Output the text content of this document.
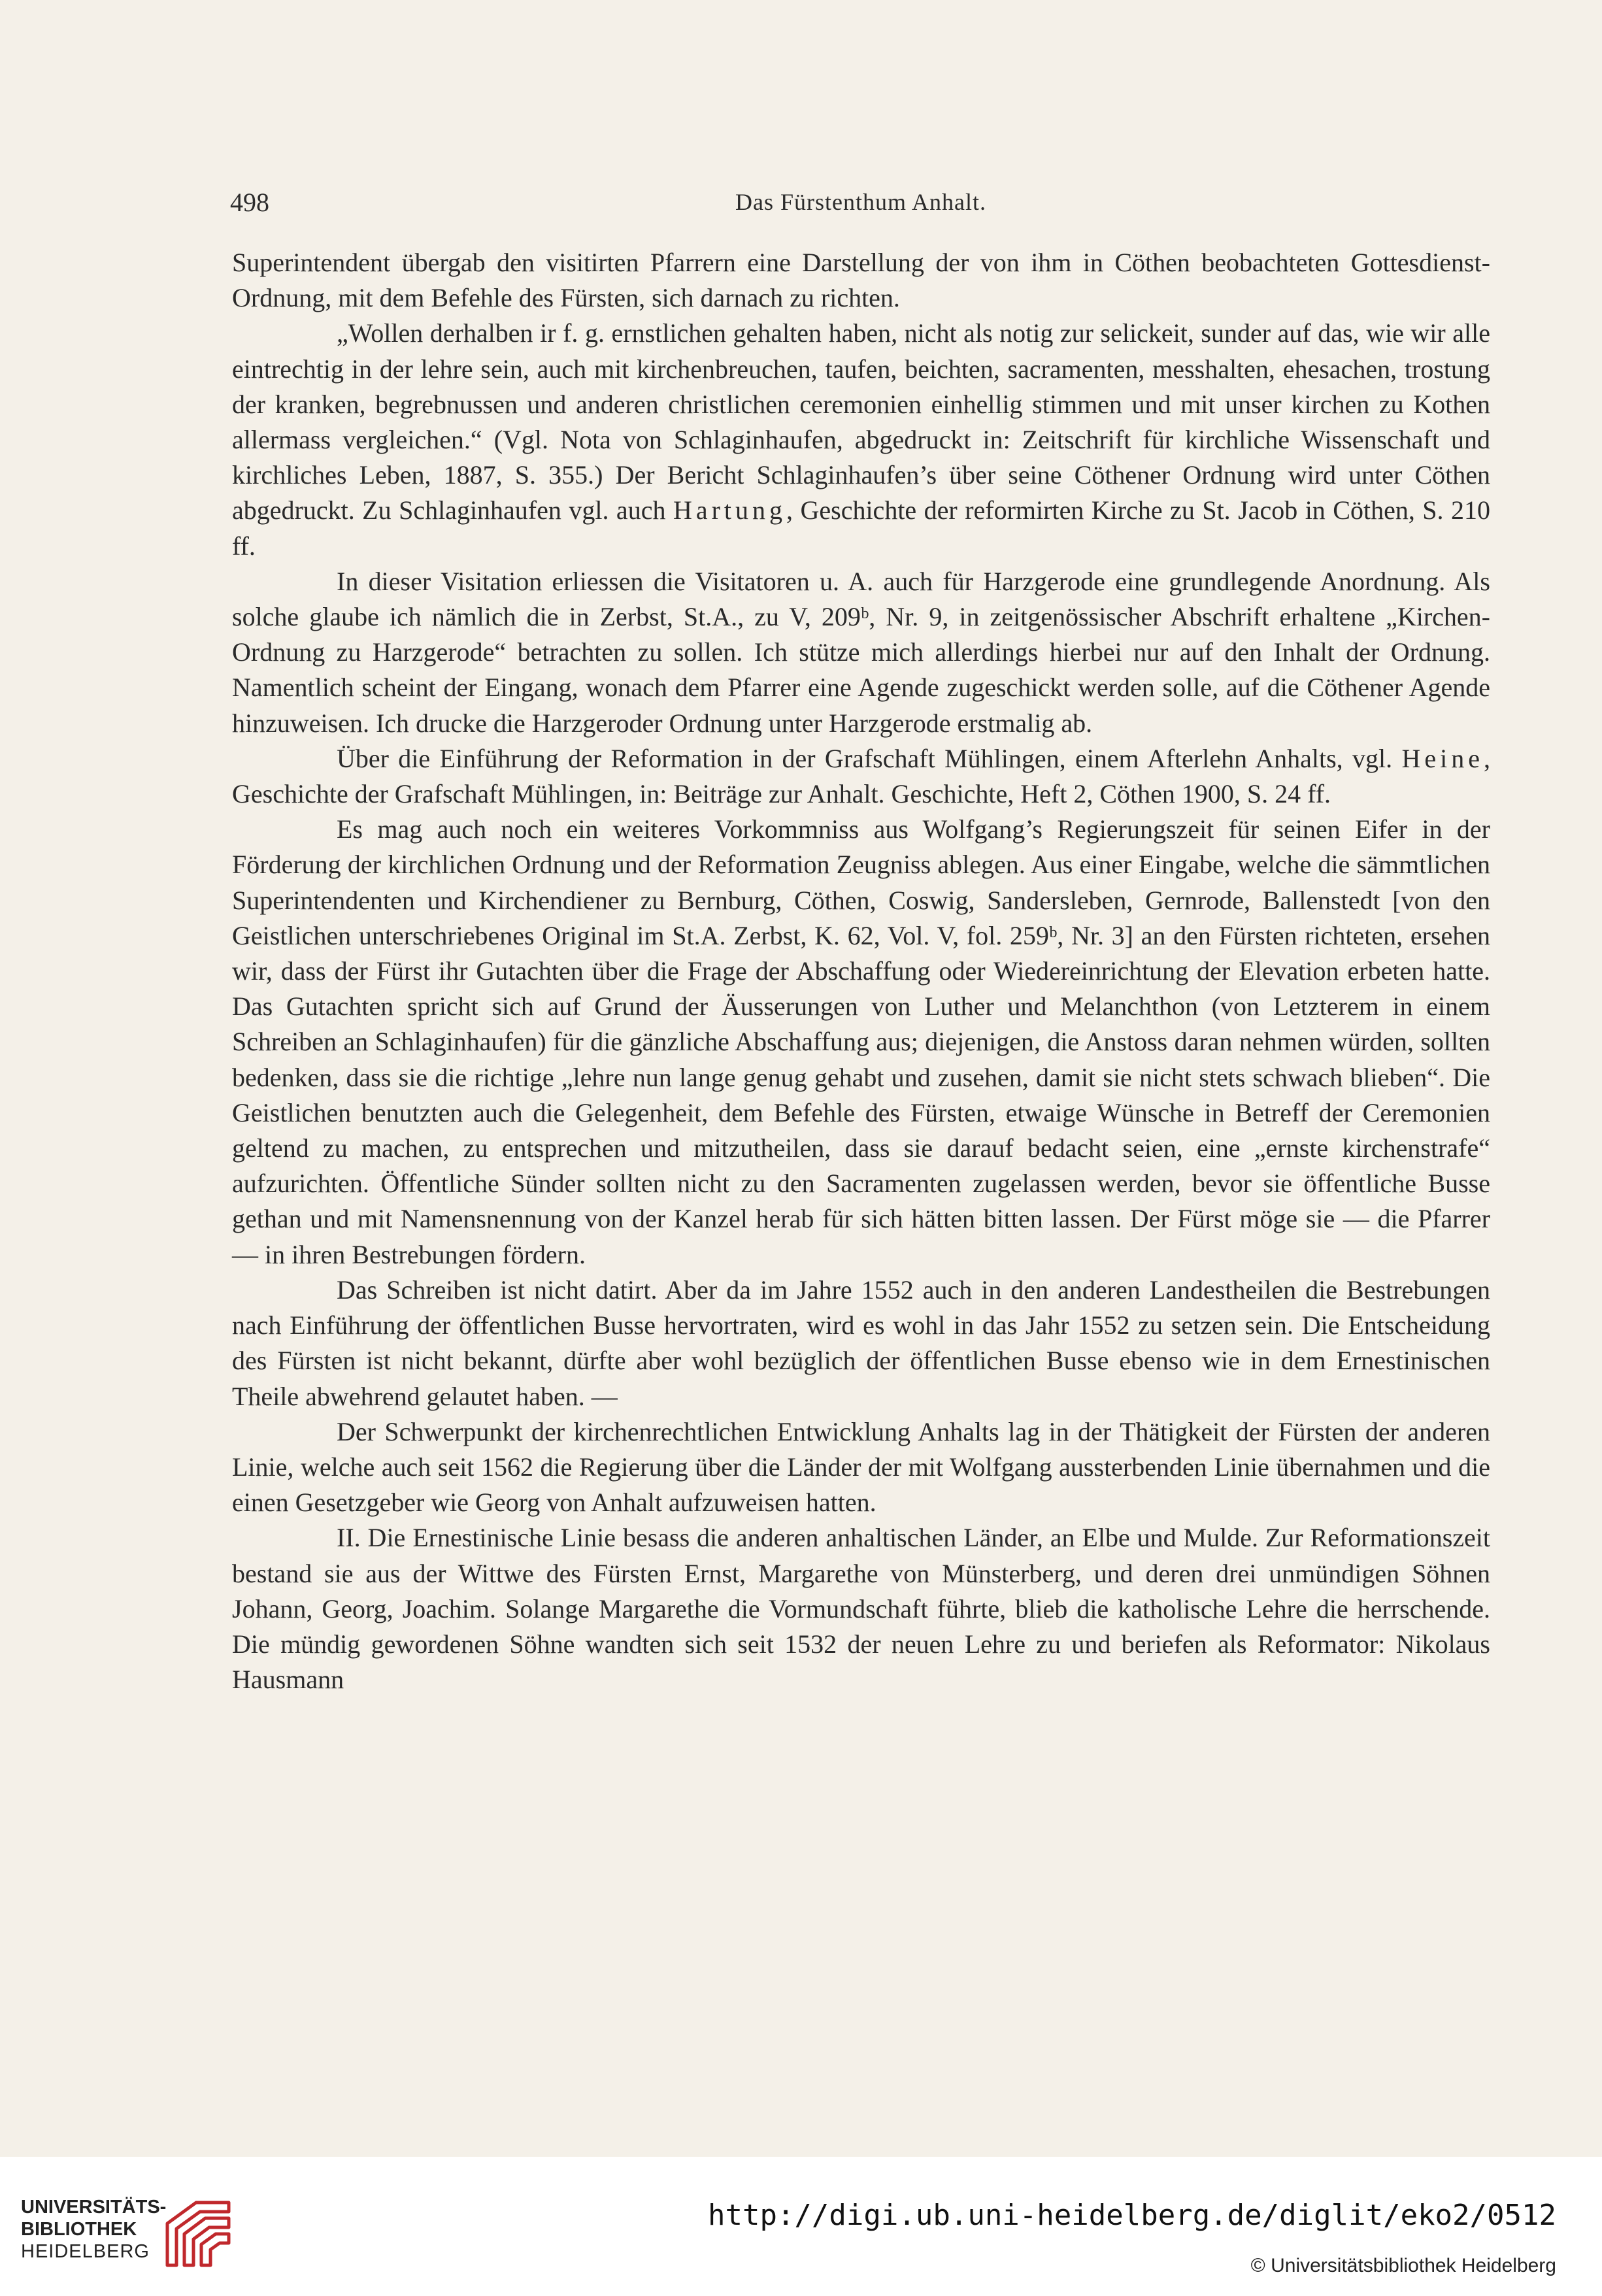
498	Das Fürstenthum Anhalt.

Superintendent übergab den visitirten Pfarrern eine Darstellung der von ihm in Cöthen beobachteten Gottesdienst-Ordnung, mit dem Befehle des Fürsten, sich darnach zu richten.

„Wollen derhalben ir f. g. ernstlichen gehalten haben, nicht als notig zur selickeit, sunder auf das, wie wir alle eintrechtig in der lehre sein, auch mit kirchenbreuchen, taufen, beichten, sacramenten, messhalten, ehesachen, trostung der kranken, begrebnussen und anderen christlichen ceremonien einhellig stimmen und mit unser kirchen zu Kothen allermass vergleichen.“ (Vgl. Nota von Schlaginhaufen, abgedruckt in: Zeitschrift für kirchliche Wissenschaft und kirchliches Leben, 1887, S. 355.) Der Bericht Schlaginhaufen’s über seine Cöthener Ordnung wird unter Cöthen abgedruckt. Zu Schlaginhaufen vgl. auch Hartung, Geschichte der reformirten Kirche zu St. Jacob in Cöthen, S. 210 ff.

In dieser Visitation erliessen die Visitatoren u. A. auch für Harzgerode eine grundlegende Anordnung. Als solche glaube ich nämlich die in Zerbst, St.A., zu V, 209ᵇ, Nr. 9, in zeitgenössischer Abschrift erhaltene „Kirchen-Ordnung zu Harzgerode“ betrachten zu sollen. Ich stütze mich allerdings hierbei nur auf den Inhalt der Ordnung. Namentlich scheint der Eingang, wonach dem Pfarrer eine Agende zugeschickt werden solle, auf die Cöthener Agende hinzuweisen. Ich drucke die Harzgeroder Ordnung unter Harzgerode erstmalig ab.

Über die Einführung der Reformation in der Grafschaft Mühlingen, einem Afterlehn Anhalts, vgl. Heine, Geschichte der Grafschaft Mühlingen, in: Beiträge zur Anhalt. Geschichte, Heft 2, Cöthen 1900, S. 24 ff.

Es mag auch noch ein weiteres Vorkommniss aus Wolfgang’s Regierungszeit für seinen Eifer in der Förderung der kirchlichen Ordnung und der Reformation Zeugniss ablegen. Aus einer Eingabe, welche die sämmtlichen Superintendenten und Kirchendiener zu Bernburg, Cöthen, Coswig, Sandersleben, Gernrode, Ballenstedt [von den Geistlichen unterschriebenes Original im St.A. Zerbst, K. 62, Vol. V, fol. 259ᵇ, Nr. 3] an den Fürsten richteten, ersehen wir, dass der Fürst ihr Gutachten über die Frage der Abschaffung oder Wiedereinrichtung der Elevation erbeten hatte. Das Gutachten spricht sich auf Grund der Äusserungen von Luther und Melanchthon (von Letzterem in einem Schreiben an Schlaginhaufen) für die gänzliche Abschaffung aus; diejenigen, die Anstoss daran nehmen würden, sollten bedenken, dass sie die richtige „lehre nun lange genug gehabt und zusehen, damit sie nicht stets schwach blieben“. Die Geistlichen benutzten auch die Gelegenheit, dem Befehle des Fürsten, etwaige Wünsche in Betreff der Ceremonien geltend zu machen, zu entsprechen und mitzutheilen, dass sie darauf bedacht seien, eine „ernste kirchenstrafe“ aufzurichten. Öffentliche Sünder sollten nicht zu den Sacramenten zugelassen werden, bevor sie öffentliche Busse gethan und mit Namensnennung von der Kanzel herab für sich hätten bitten lassen. Der Fürst möge sie — die Pfarrer — in ihren Bestrebungen fördern.

Das Schreiben ist nicht datirt. Aber da im Jahre 1552 auch in den anderen Landestheilen die Bestrebungen nach Einführung der öffentlichen Busse hervortraten, wird es wohl in das Jahr 1552 zu setzen sein. Die Entscheidung des Fürsten ist nicht bekannt, dürfte aber wohl bezüglich der öffentlichen Busse ebenso wie in dem Ernestinischen Theile abwehrend gelautet haben. —

Der Schwerpunkt der kirchenrechtlichen Entwicklung Anhalts lag in der Thätigkeit der Fürsten der anderen Linie, welche auch seit 1562 die Regierung über die Länder der mit Wolfgang aussterbenden Linie übernahmen und die einen Gesetzgeber wie Georg von Anhalt aufzuweisen hatten.

II. Die Ernestinische Linie besass die anderen anhaltischen Länder, an Elbe und Mulde. Zur Reformationszeit bestand sie aus der Wittwe des Fürsten Ernst, Margarethe von Münsterberg, und deren drei unmündigen Söhnen Johann, Georg, Joachim. Solange Margarethe die Vormundschaft führte, blieb die katholische Lehre die herrschende. Die mündig gewordenen Söhne wandten sich seit 1532 der neuen Lehre zu und beriefen als Reformator: Nikolaus Hausmann

UNIVERSITÄTS-
BIBLIOTHEK
HEIDELBERG
http://digi.ub.uni-heidelberg.de/diglit/eko2/0512
© Universitätsbibliothek Heidelberg
